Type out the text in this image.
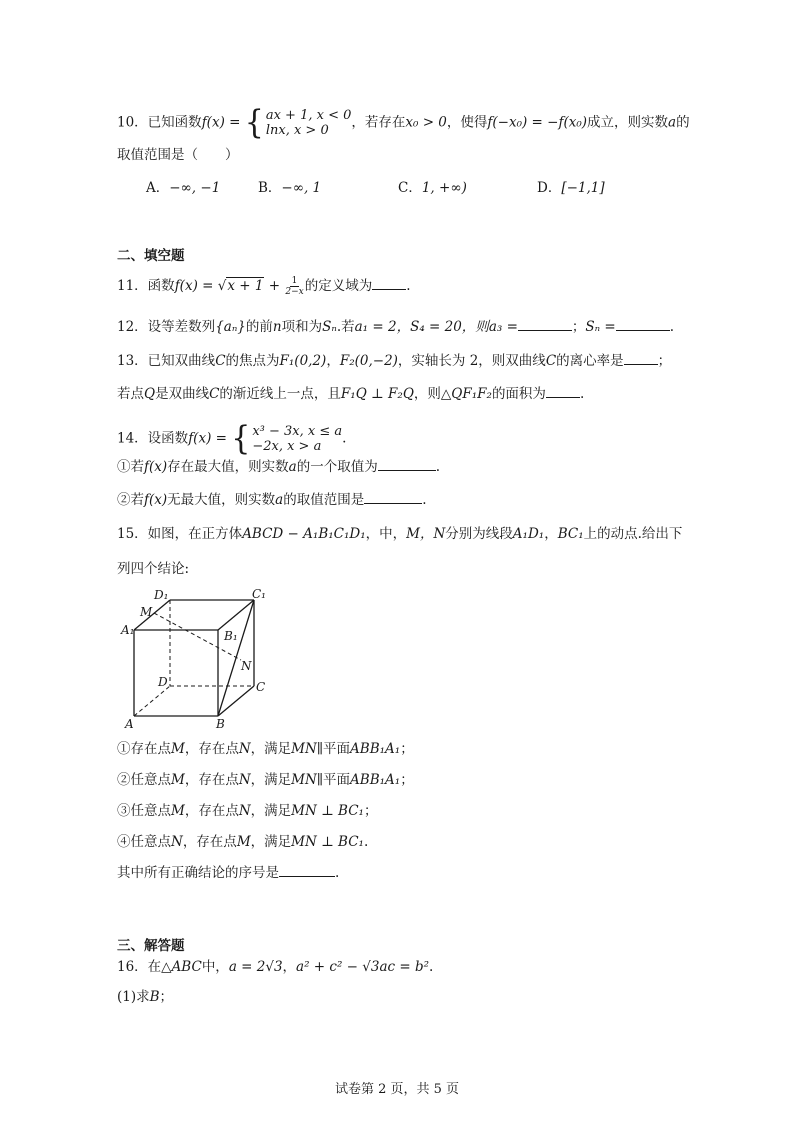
10．已知函数f(x) = { ax + 1, x < 0
lnx, x > 0	，若存在x₀ > 0，使得f(−x₀) = −f(x₀)成立，则实数a的
取值范围是（　　）
A．−∞, −1	B．−∞, 1	C．1, +∞)	D．[−1,1]
二、填空题
11．函数$f(x) = √x + 1 + \frac{1}{2-x}$ 的定义域为	.
12．设等差数列{aₙ}的前n项和为Sₙ.若a₁ = 2，S₄ = 20，则a₃ =	；Sₙ =	.
13．已知双曲线C的焦点为F₁(0,2)，F₂(0,−2)，实轴长为 2，则双曲线C的离心率是	；
若点Q是双曲线C的渐近线上一点，且F₁Q ⊥ F₂Q，则△QF₁F₂的面积为	.
14．设函数f(x) = { x³ − 3x, x ≤ a
−2x, x > a	.
①若f(x)存在最大值，则实数a的一个取值为	.
②若f(x)无最大值，则实数a的取值范围是	.
15．如图，在正方体ABCD − A₁B₁C₁D₁，中，M，N分别为线段A₁D₁，BC₁上的动点.给出下
列四个结论:
D₁	C₁
M
A₁	B₁
N
D	C
A	B
①存在点M，存在点N，满足MN∥平面ABB₁A₁；
②任意点M，存在点N，满足MN∥平面ABB₁A₁；
③任意点M，存在点N，满足MN ⊥ BC₁；
④任意点N，存在点M，满足MN ⊥ BC₁.
其中所有正确结论的序号是	.
三、解答题
16．在△ABC中，a = 2√3，a² + c² − √3ac = b².
(1)求B；
试卷第 2 页，共 5 页
